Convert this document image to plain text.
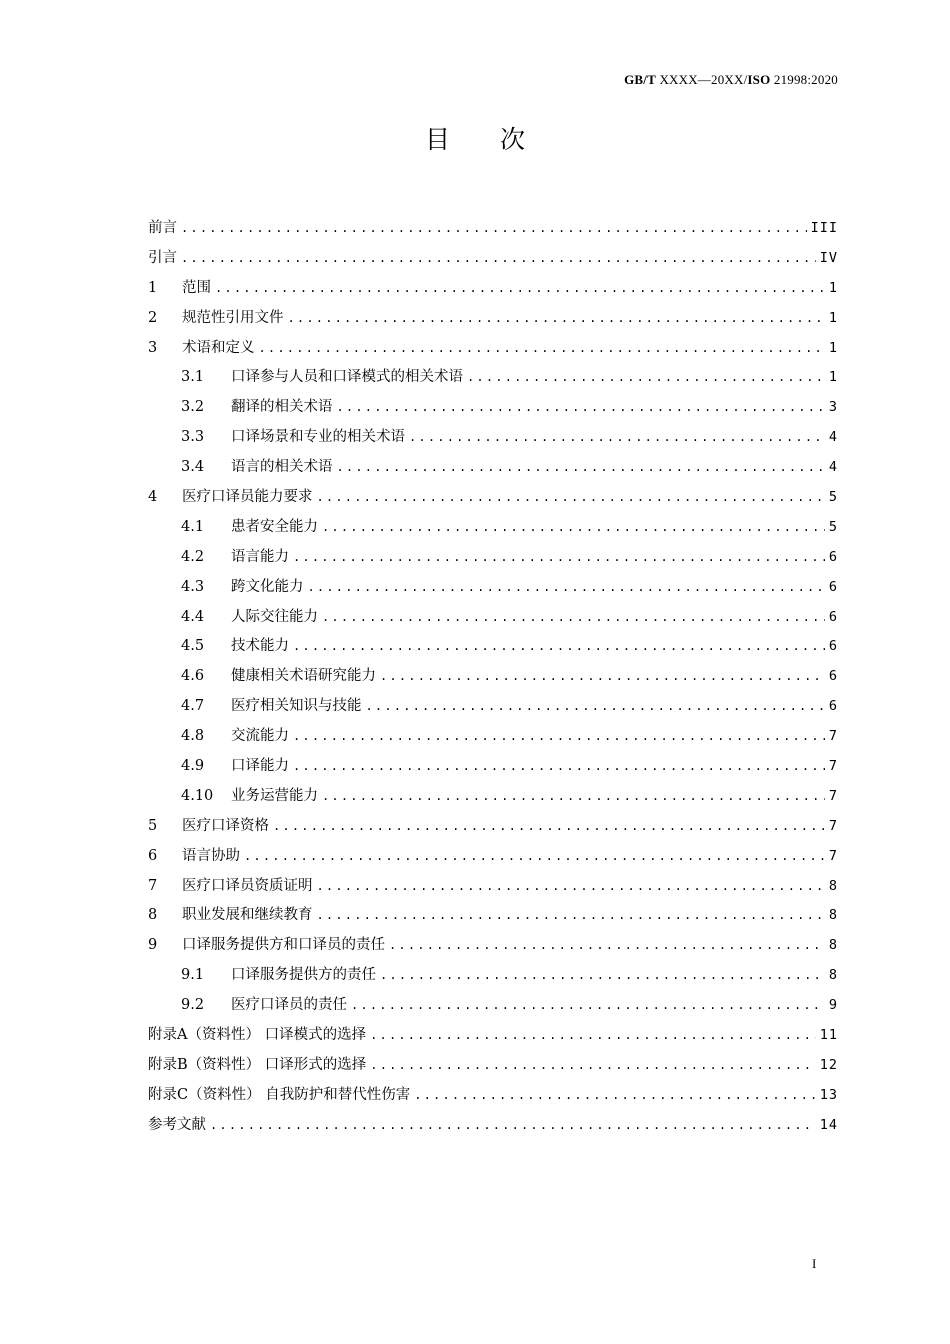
GB/T XXXX—20XX/ISO 21998:2020
目次
前言 .....	III
引言 .....	IV
1	范围 .....	1
2	规范性引用文件 .....	1
3	术语和定义 .....	1
3.1	口译参与人员和口译模式的相关术语 .....	1
3.2	翻译的相关术语 .....	3
3.3	口译场景和专业的相关术语 .....	4
3.4	语言的相关术语 .....	4
4	医疗口译员能力要求 .....	5
4.1	患者安全能力 .....	5
4.2	语言能力 .....	6
4.3	跨文化能力 .....	6
4.4	人际交往能力 .....	6
4.5	技术能力 .....	6
4.6	健康相关术语研究能力 .....	6
4.7	医疗相关知识与技能 .....	6
4.8	交流能力 .....	7
4.9	口译能力 .....	7
4.10	业务运营能力 .....	7
5	医疗口译资格 .....	7
6	语言协助 .....	7
7	医疗口译员资质证明 .....	8
8	职业发展和继续教育 .....	8
9	口译服务提供方和口译员的责任 .....	8
9.1	口译服务提供方的责任 .....	8
9.2	医疗口译员的责任 .....	9
附录A（资料性） 口译模式的选择 .....	11
附录B（资料性） 口译形式的选择 .....	12
附录C（资料性） 自我防护和替代性伤害 .....	13
参考文献 .....	14
I
